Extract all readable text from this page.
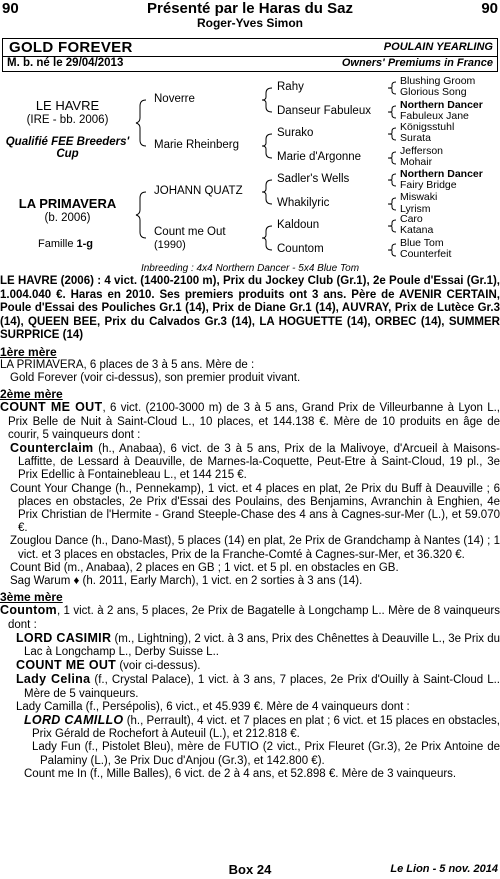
90	Présenté par le Haras du Saz	90
Roger-Yves Simon
GOLD FOREVER	POULAIN YEARLING
M. b. né le 29/04/2013	Owners' Premiums in France
LE HAVRE
(IRE - bb. 2006)
Qualifié FEE Breeders' Cup
LA PRIMAVERA
(b. 2006)
Famille 1-g
Noverre
Marie Rheinberg
JOHANN QUATZ
Count me Out
(1990)
Rahy
Danseur Fabuleux
Surako
Marie d'Argonne
Sadler's Wells
Whakilyric
Kaldoun
Countom
Blushing Groom
Glorious Song
Northern Dancer
Fabuleux Jane
Königsstuhl
Surata
Jefferson
Mohair
Northern Dancer
Fairy Bridge
Miswaki
Lyrism
Caro
Katana
Blue Tom
Counterfeit
Inbreeding : 4x4 Northern Dancer - 5x4 Blue Tom

LE HAVRE (2006) : 4 vict. (1400-2100 m), Prix du Jockey Club (Gr.1), 2e Poule d'Essai (Gr.1), 1.004.040 €. Haras en 2010. Ses premiers produits ont 3 ans. Père de AVENIR CERTAIN, Poule d'Essai des Pouliches Gr.1 (14), Prix de Diane Gr.1 (14), AUVRAY, Prix de Lutèce Gr.3 (14), QUEEN BEE, Prix du Calvados Gr.3 (14), LA HOGUETTE (14), ORBEC (14), SUMMER SURPRICE (14)

1ère mère

LA PRIMAVERA, 6 places de 3 à 5 ans. Mère de :

Gold Forever (voir ci-dessus), son premier produit vivant.

2ème mère

COUNT ME OUT, 6 vict. (2100-3000 m) de 3 à 5 ans, Grand Prix de Villeurbanne à Lyon L., Prix Belle de Nuit à Saint-Cloud L., 10 places, et 144.138 €. Mère de 10 produits en âge de courir, 5 vainqueurs dont :

Counterclaim (h., Anabaa), 6 vict. de 3 à 5 ans, Prix de la Malivoye, d'Arcueil à Maisons-Laffitte, de Lessard à Deauville, de Marnes-la-Coquette, Peut-Etre à Saint-Cloud, 19 pl., 3e Prix Edellic à Fontainebleau L., et 144 215 €.

Count Your Change (h., Pennekamp), 1 vict. et 4 places en plat, 2e Prix du Buff à Deauville ; 6 places en obstacles, 2e Prix d'Essai des Poulains, des Benjamins, Avranchin à Enghien, 4e Prix Christian de l'Hermite - Grand Steeple-Chase des 4 ans à Cagnes-sur-Mer (L.), et 59.070 €.

Zouglou Dance (h., Dano-Mast), 5 places (14) en plat, 2e Prix de Grandchamp à Nantes (14) ; 1 vict. et 3 places en obstacles, Prix de la Franche-Comté à Cagnes-sur-Mer, et 36.320 €.

Count Bid (m., Anabaa), 2 places en GB ; 1 vict. et 5 pl. en obstacles en GB.

Sag Warum ♦ (h. 2011, Early March), 1 vict. en 2 sorties à 3 ans (14).

3ème mère

Countom, 1 vict. à 2 ans, 5 places, 2e Prix de Bagatelle à Longchamp L.. Mère de 8 vainqueurs dont :

LORD CASIMIR (m., Lightning), 2 vict. à 3 ans, Prix des Chênettes à Deauville L., 3e Prix du Lac à Longchamp L., Derby Suisse L..

COUNT ME OUT (voir ci-dessus).

Lady Celina (f., Crystal Palace), 1 vict. à 3 ans, 7 places, 2e Prix d'Ouilly à Saint-Cloud L.. Mère de 5 vainqueurs.

Lady Camilla (f., Persépolis), 6 vict., et 45.939 €. Mère de 4 vainqueurs dont :

LORD CAMILLO (h., Perrault), 4 vict. et 7 places en plat ; 6 vict. et 15 places en obstacles, Prix Gérald de Rochefort à Auteuil (L.), et 212.818 €.

Lady Fun (f., Pistolet Bleu), mère de FUTIO (2 vict., Prix Fleuret (Gr.3), 2e Prix Antoine de Palaminy (L.), 3e Prix Duc d'Anjou (Gr.3), et 142.800 €).

Count me In (f., Mille Balles), 6 vict. de 2 à 4 ans, et 52.898 €. Mère de 3 vainqueurs.

Box 24	Le Lion - 5 nov. 2014
